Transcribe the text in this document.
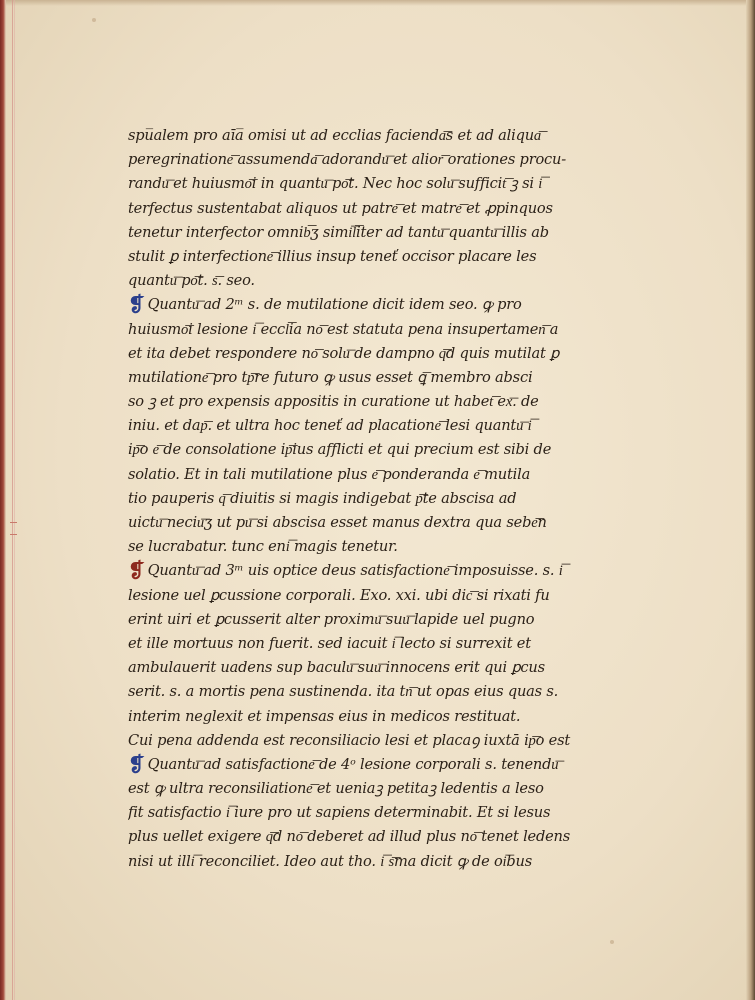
spu̅alem pro aīa̅ omisi ut ad ecclias facienda͞s et ad aliqua͞
peregrinatione͞ assumenda͞ adorandu͞ et alior͞ orationes procu-
randu͞ et huiusmo͞i in quantu͞ po͞t. Nec hoc solu͞ sufficit͞ ꝫ si i͞
terfectus sustentabat aliquos ut patre͞ et matre͞ et ꝓpinquos
tenetur interfector omnib͞ʒ simi͞l͞iter ad tantu͞ quantu͞ illis ab
stulit ꝑ interfectione͞ illius insup teneť occisor placare les
quantu͞ po͞t. s͞. seo.
❡ Quantu͞ ad 2ᵐ s. de mutilatione dicit idem seo. ꝙ pro
huiusmo͞i lesione i͞ eccl͞ia no͞ est statuta pena insupertamen͞ a
et ita debet respondere no͞ solu͞ de dampno q͞d quis mutilat ꝑ
mutilatione͞ pro tp͞re futuro ꝙ usus esset ꝗ͞ membro absci
so ꝫ et pro expensis appositis in curatione ut habet͞ ex͞. de
iniu. et dap͞. et ultra hoc teneť ad placatione͞ lesi quantu͞ i͞
ip͞o e͞ de consolatione ip͞ius afflicti et qui precium est sibi de
solatio. Et in tali mutilatione plus e͞ ponderanda e͞ mutila
tio pauperis q͞ diuitis si magis indigebat p͞te abscisa ad
uictu͞ neciu͞ʒ ut pu͞ si abscisa esset manus dextra qua sebe͞n
se lucrabatur. tunc eni͞ magis tenetur.
❡ Quantu͞ ad 3ᵐ uis optice deus satisfactione͞ imposuisse. s. i͞
lesione uel ꝑcussione corporali. Exo. xxi. ubi dic͞ si rixati fu
erint uiri et ꝑcusserit alter proximu͞ suu͞ lapide uel pugno
et ille mortuus non fuerit. sed iacuit i͞ lecto si surrexit et
ambulauerit uadens sup baculu͞ suu͞ innocens erit qui ꝑcus
serit. s. a mortis pena sustinenda. ita tn͞ ut opas eius quas s.
interim neglexit et impensas eius in medicos restituat.
Cui pena addenda est reconsiliacio lesi et placaꝯ iuxtā ip͞o est
❡ Quantu͞ ad satisfactione͞ de 4ᵒ lesione corporali s. tenendu͞
est ꝙ ultra reconsiliatione͞ et ueniaꝫ petitaꝫ ledentis a leso
fit satisfactio i͞ iure pro ut sapiens determinabit. Et si lesus
plus uellet exigere q͞d no͞ deberet ad illud plus no͞ tenet ledens
nisi ut illi͞ reconciliet. Ideo aut tho. i͞ s͞ma dicit ꝙ de oi͞bus
